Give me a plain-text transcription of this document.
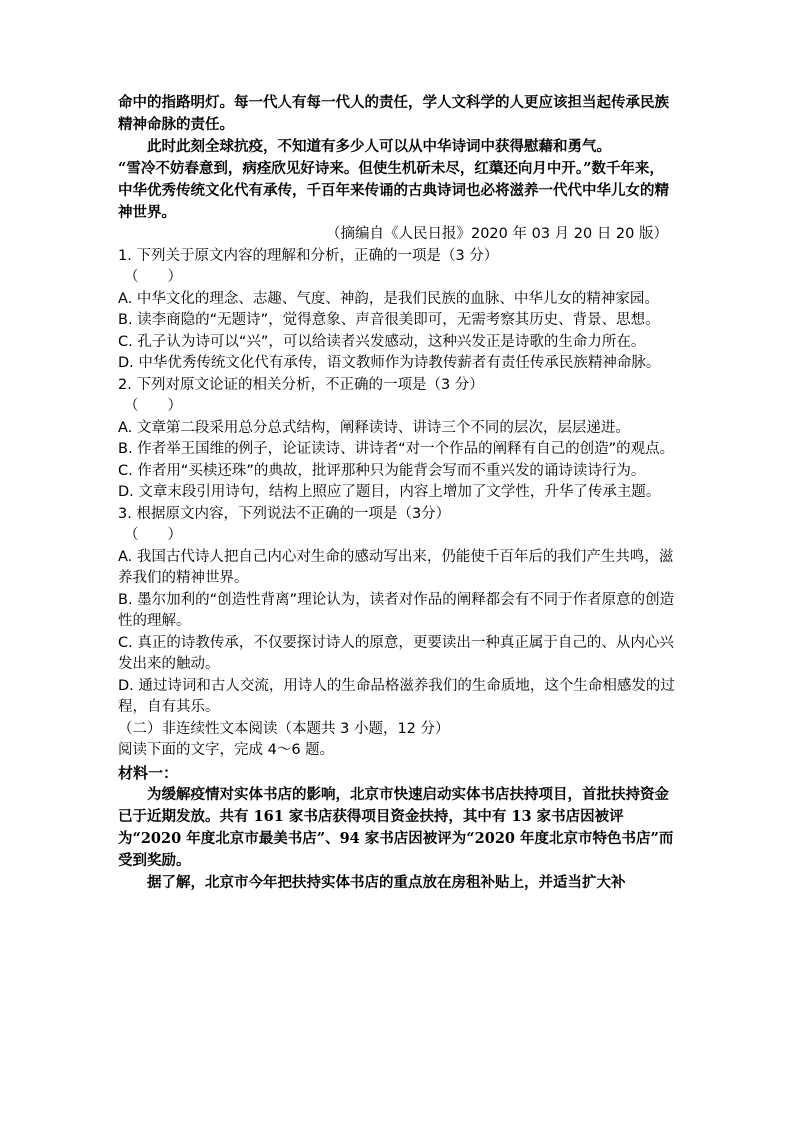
命中的指路明灯。每一代人有每一代人的责任，学人文科学的人更应该担当起传承民族精神命脉的责任。

此时此刻全球抗疫，不知道有多少人可以从中华诗词中获得慰藉和勇气。

“雪冷不妨春意到，病痊欣见好诗来。但使生机斫未尽，红蕖还向月中开。”数千年来，中华优秀传统文化代有承传，千百年来传诵的古典诗词也必将滋养一代代中华儿女的精神世界。

（摘编自《人民日报》2020 年 03 月 20 日 20 版）

1. 下列关于原文内容的理解和分析，正确的一项是（3 分）

（　　）

A. 中华文化的理念、志趣、气度、神韵，是我们民族的血脉、中华儿女的精神家园。

B. 读李商隐的“无题诗”，觉得意象、声音很美即可，无需考察其历史、背景、思想。

C. 孔子认为诗可以“兴”，可以给读者兴发感动，这种兴发正是诗歌的生命力所在。

D. 中华优秀传统文化代有承传，语文教师作为诗教传薪者有责任传承民族精神命脉。

2. 下列对原文论证的相关分析，不正确的一项是（3 分）

（　　）

A. 文章第二段采用总分总式结构，阐释读诗、讲诗三个不同的层次，层层递进。

B. 作者举王国维的例子，论证读诗、讲诗者“对一个作品的阐释有自己的创造”的观点。

C. 作者用“买椟还珠”的典故，批评那种只为能背会写而不重兴发的诵诗读诗行为。

D. 文章末段引用诗句，结构上照应了题目，内容上增加了文学性，升华了传承主题。

3. 根据原文内容，下列说法不正确的一项是（3分）

（　　）

A. 我国古代诗人把自己内心对生命的感动写出来，仍能使千百年后的我们产生共鸣，滋养我们的精神世界。

B. 墨尔加利的“创造性背离”理论认为，读者对作品的阐释都会有不同于作者原意的创造性的理解。

C. 真正的诗教传承，不仅要探讨诗人的原意，更要读出一种真正属于自己的、从内心兴发出来的触动。

D. 通过诗词和古人交流，用诗人的生命品格滋养我们的生命质地，这个生命相感发的过程，自有其乐。

（二）非连续性文本阅读（本题共 3 小题，12 分）

阅读下面的文字，完成 4～6 题。

材料一：

为缓解疫情对实体书店的影响，北京市快速启动实体书店扶持项目，首批扶持资金已于近期发放。共有 161 家书店获得项目资金扶持，其中有 13 家书店因被评为“2020 年度北京市最美书店”、94 家书店因被评为“2020 年度北京市特色书店”而受到奖励。

据了解，北京市今年把扶持实体书店的重点放在房租补贴上，并适当扩大补
